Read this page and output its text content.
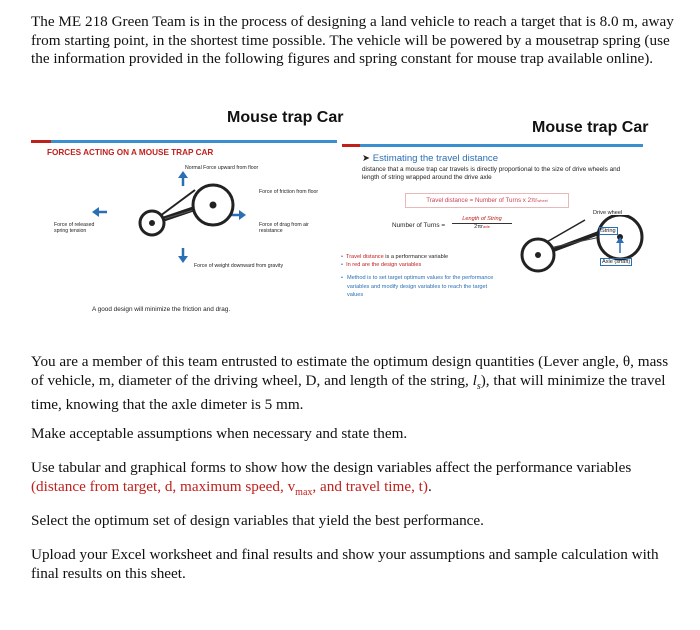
The ME 218 Green Team is in the process of designing a land vehicle to reach a target that is 8.0 m, away from starting point, in the shortest time possible. The vehicle will be powered by a mousetrap spring (use the information provided in the following figures and spring constant for mouse trap available online).
Mouse trap Car
FORCES ACTING ON A MOUSE TRAP CAR
Normal Force upward from floor
Force of friction from floor
Force of released spring tension
Force of drag from air resistance
Force of weight downward from gravity
A good design will minimize the friction and drag.
Mouse trap Car
➤ Estimating the travel distance
distance that a mouse trap car travels is directly proportional to the size of drive wheels and length of string wrapped around the drive axle
Travel distance = Number of Turns x 2πrwheel
Number of Turns =
Length of String
2πraxle
• Travel distance is a performance variable
• In red are the design variables
• Method is to set target optimum values for the performance variables and modify design variables to reach the target values
Drive wheel
String
Axle (shaft)
You are a member of this team entrusted to estimate the optimum design quantities (Lever angle, θ, mass of vehicle, m, diameter of the driving wheel, D, and length of the string, $l_s$), that will minimize the travel time, knowing that the axle dimeter is 5 mm.
Make acceptable assumptions when necessary and state them.
Use tabular and graphical forms to show how the design variables affect the performance variables (distance from target, d, maximum speed, $v_{max}$, and travel time, t).
Select the optimum set of design variables that yield the best performance.
Upload your Excel worksheet and final results and show your assumptions and sample calculation with final results on this sheet.
